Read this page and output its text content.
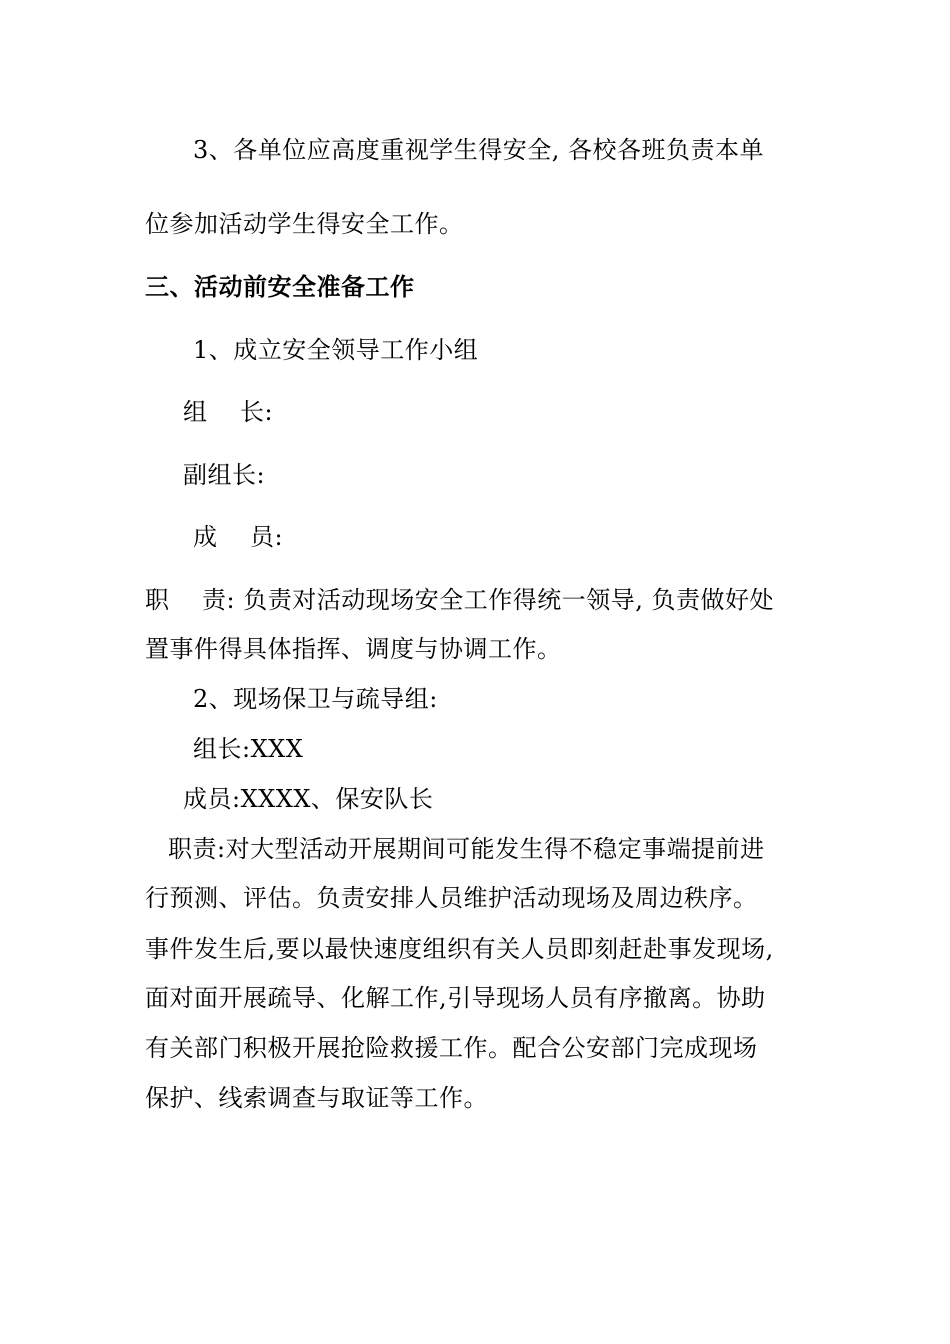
3、各单位应高度重视学生得安全, 各校各班负责本单
位参加活动学生得安全工作。
三、活动前安全准备工作
1、成立安全领导工作小组
组    长:
副组长:
成    员:
职    责: 负责对活动现场安全工作得统一领导, 负责做好处
置事件得具体指挥、调度与协调工作。
2、现场保卫与疏导组:
组长:XXX
成员:XXXX、保安队长
职责:对大型活动开展期间可能发生得不稳定事端提前进
行预测、评估。负责安排人员维护活动现场及周边秩序。
事件发生后,要以最快速度组织有关人员即刻赶赴事发现场,
面对面开展疏导、化解工作,引导现场人员有序撤离。协助
有关部门积极开展抢险救援工作。配合公安部门完成现场
保护、线索调查与取证等工作。
